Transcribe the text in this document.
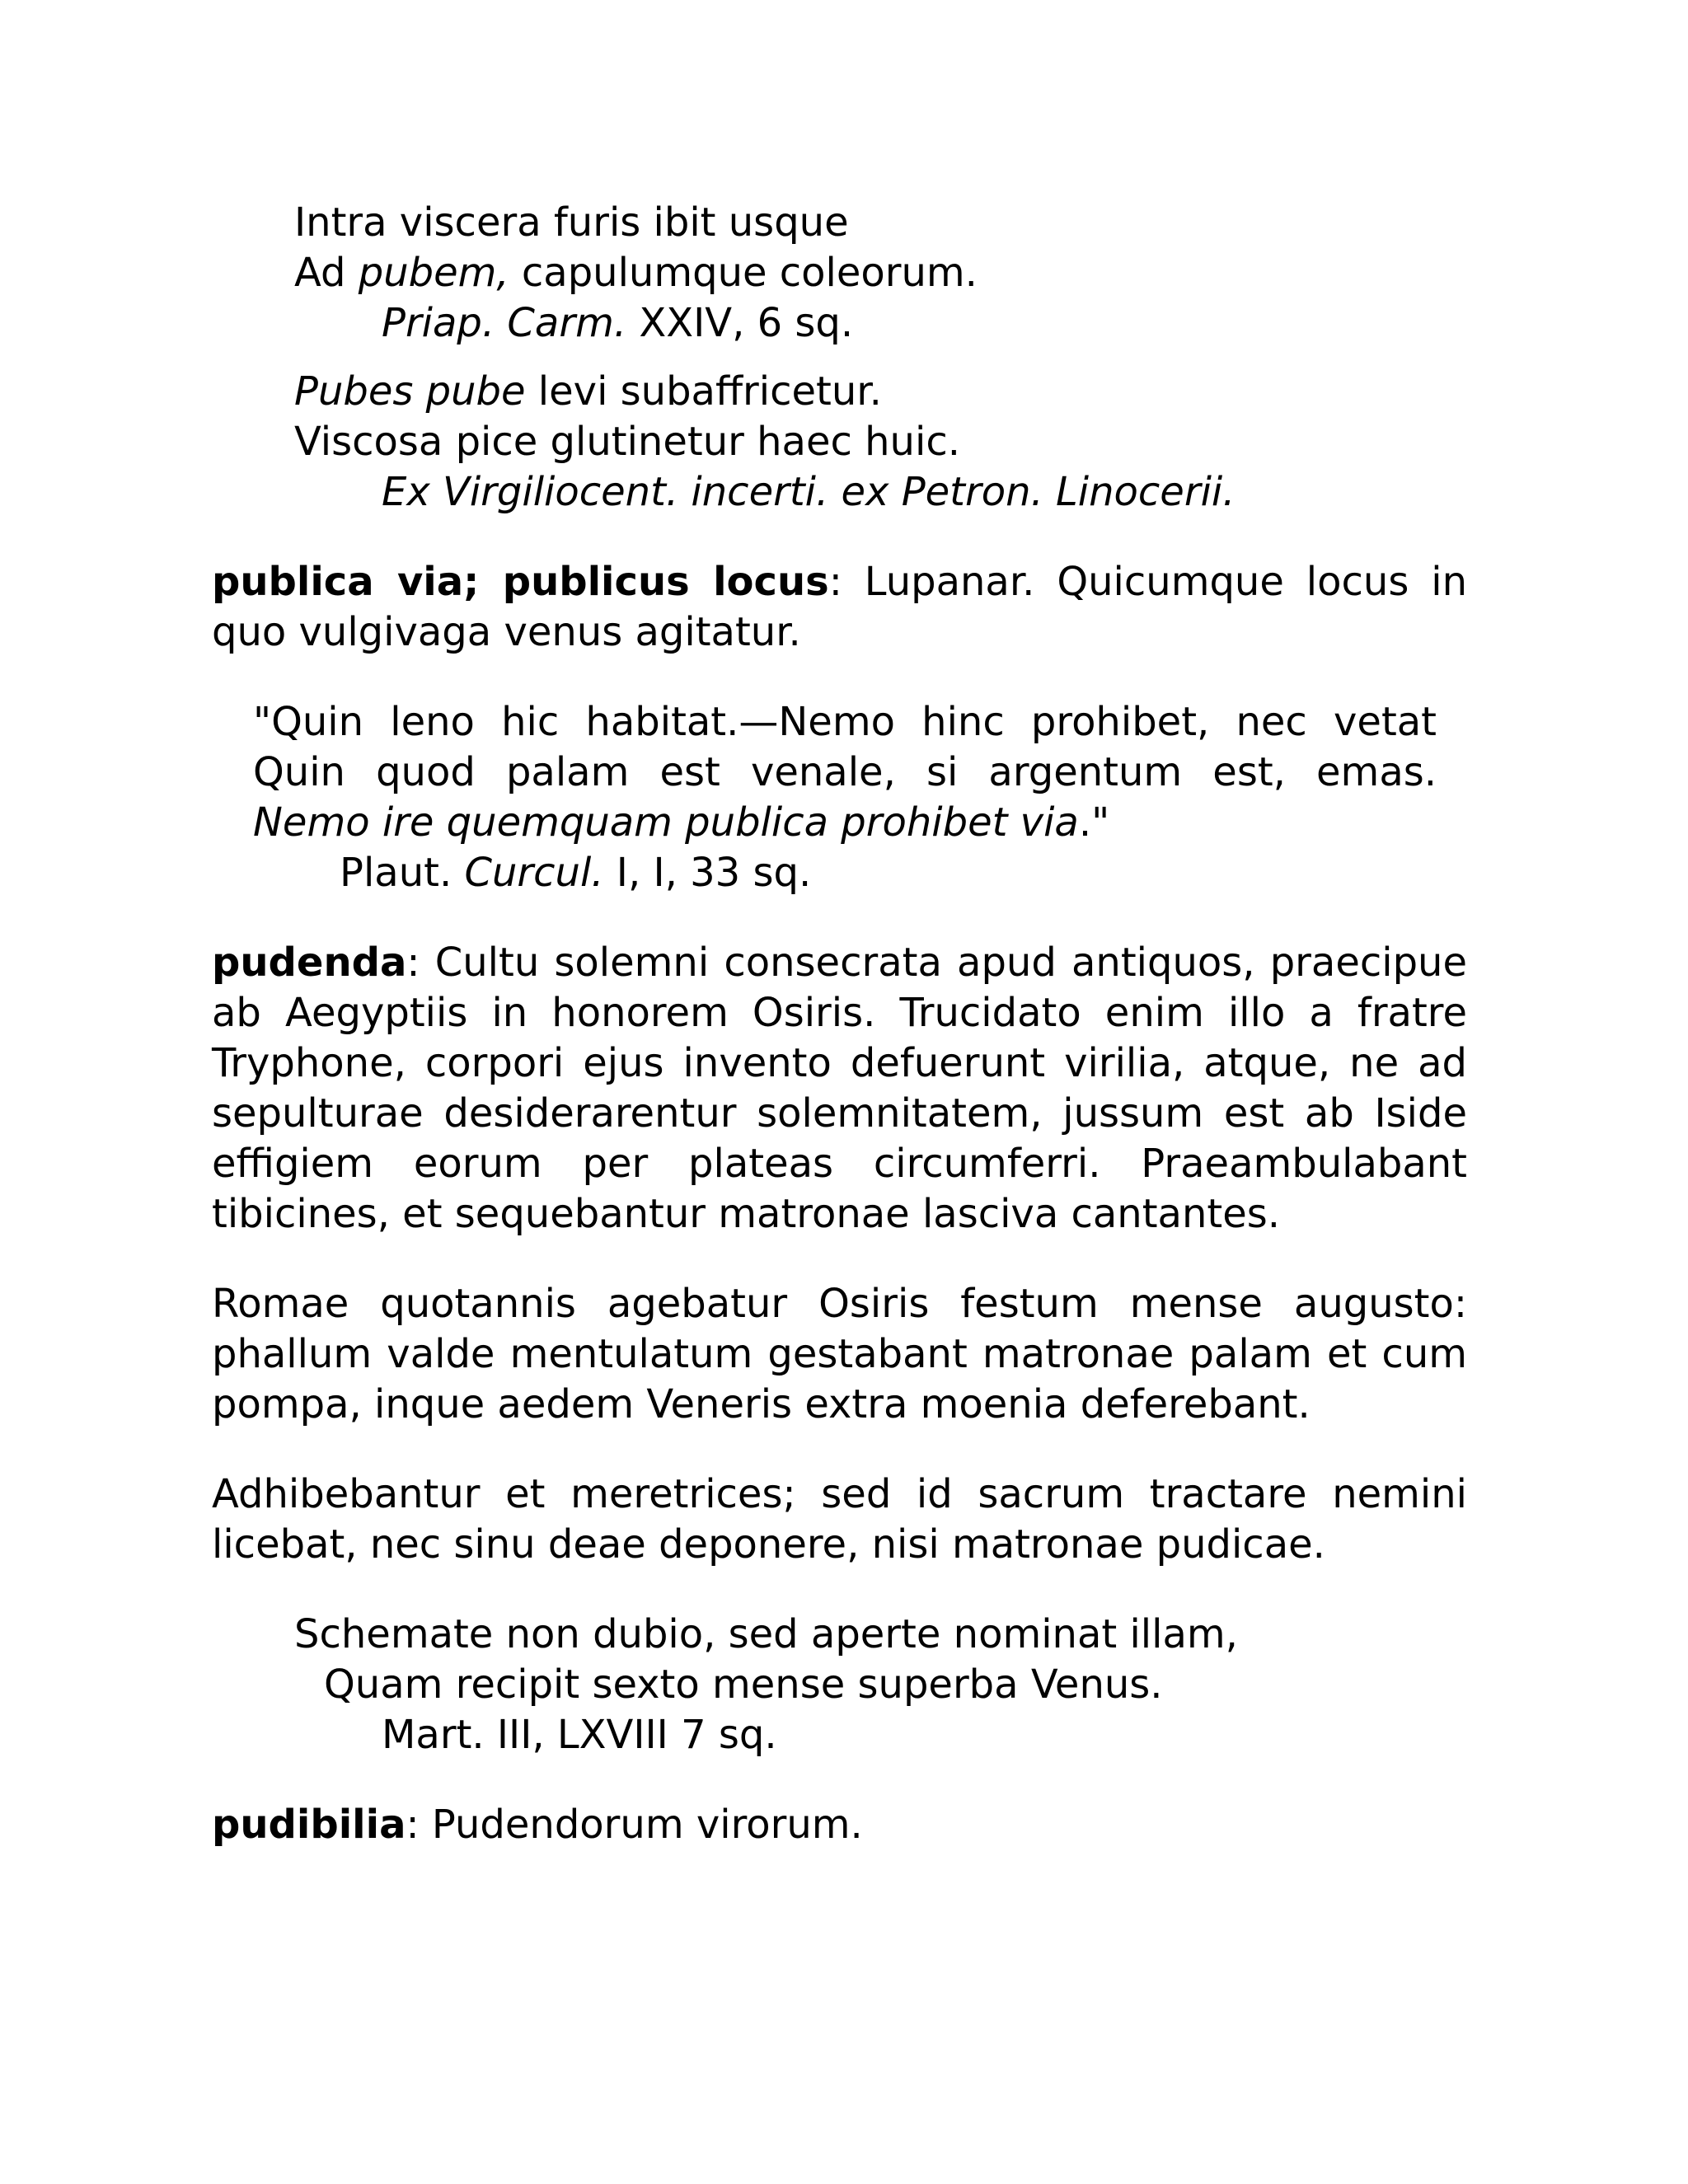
Intra viscera furis ibit usque
Ad pubem, capulumque coleorum.
Priap. Carm. XXIV, 6 sq.
Pubes pube levi subaffricetur.
Viscosa pice glutinetur haec huic.
Ex Virgiliocent. incerti. ex Petron. Linocerii.

publica via; publicus locus: Lupanar. Quicumque locus in quo vulgivaga venus agitatur.

"Quin leno hic habitat.—Nemo hinc prohibet, nec vetat
Quin quod palam est venale, si argentum est, emas.
Nemo ire quemquam publica prohibet via."
Plaut. Curcul. I, I, 33 sq.

pudenda: Cultu solemni consecrata apud antiquos, praecipue ab Aegyptiis in honorem Osiris. Trucidato enim illo a fratre Tryphone, corpori ejus invento defuerunt virilia, atque, ne ad sepulturae desiderarentur solemnitatem, jussum est ab Iside effigiem eorum per plateas circumferri. Praeambulabant tibicines, et sequebantur matronae lasciva cantantes.

Romae quotannis agebatur Osiris festum mense augusto: phallum valde mentulatum gestabant matronae palam et cum pompa, inque aedem Veneris extra moenia deferebant.

Adhibebantur et meretrices; sed id sacrum tractare nemini licebat, nec sinu deae deponere, nisi matronae pudicae.

Schemate non dubio, sed aperte nominat illam,
Quam recipit sexto mense superba Venus.
Mart. III, LXVIII 7 sq.

pudibilia: Pudendorum virorum.
